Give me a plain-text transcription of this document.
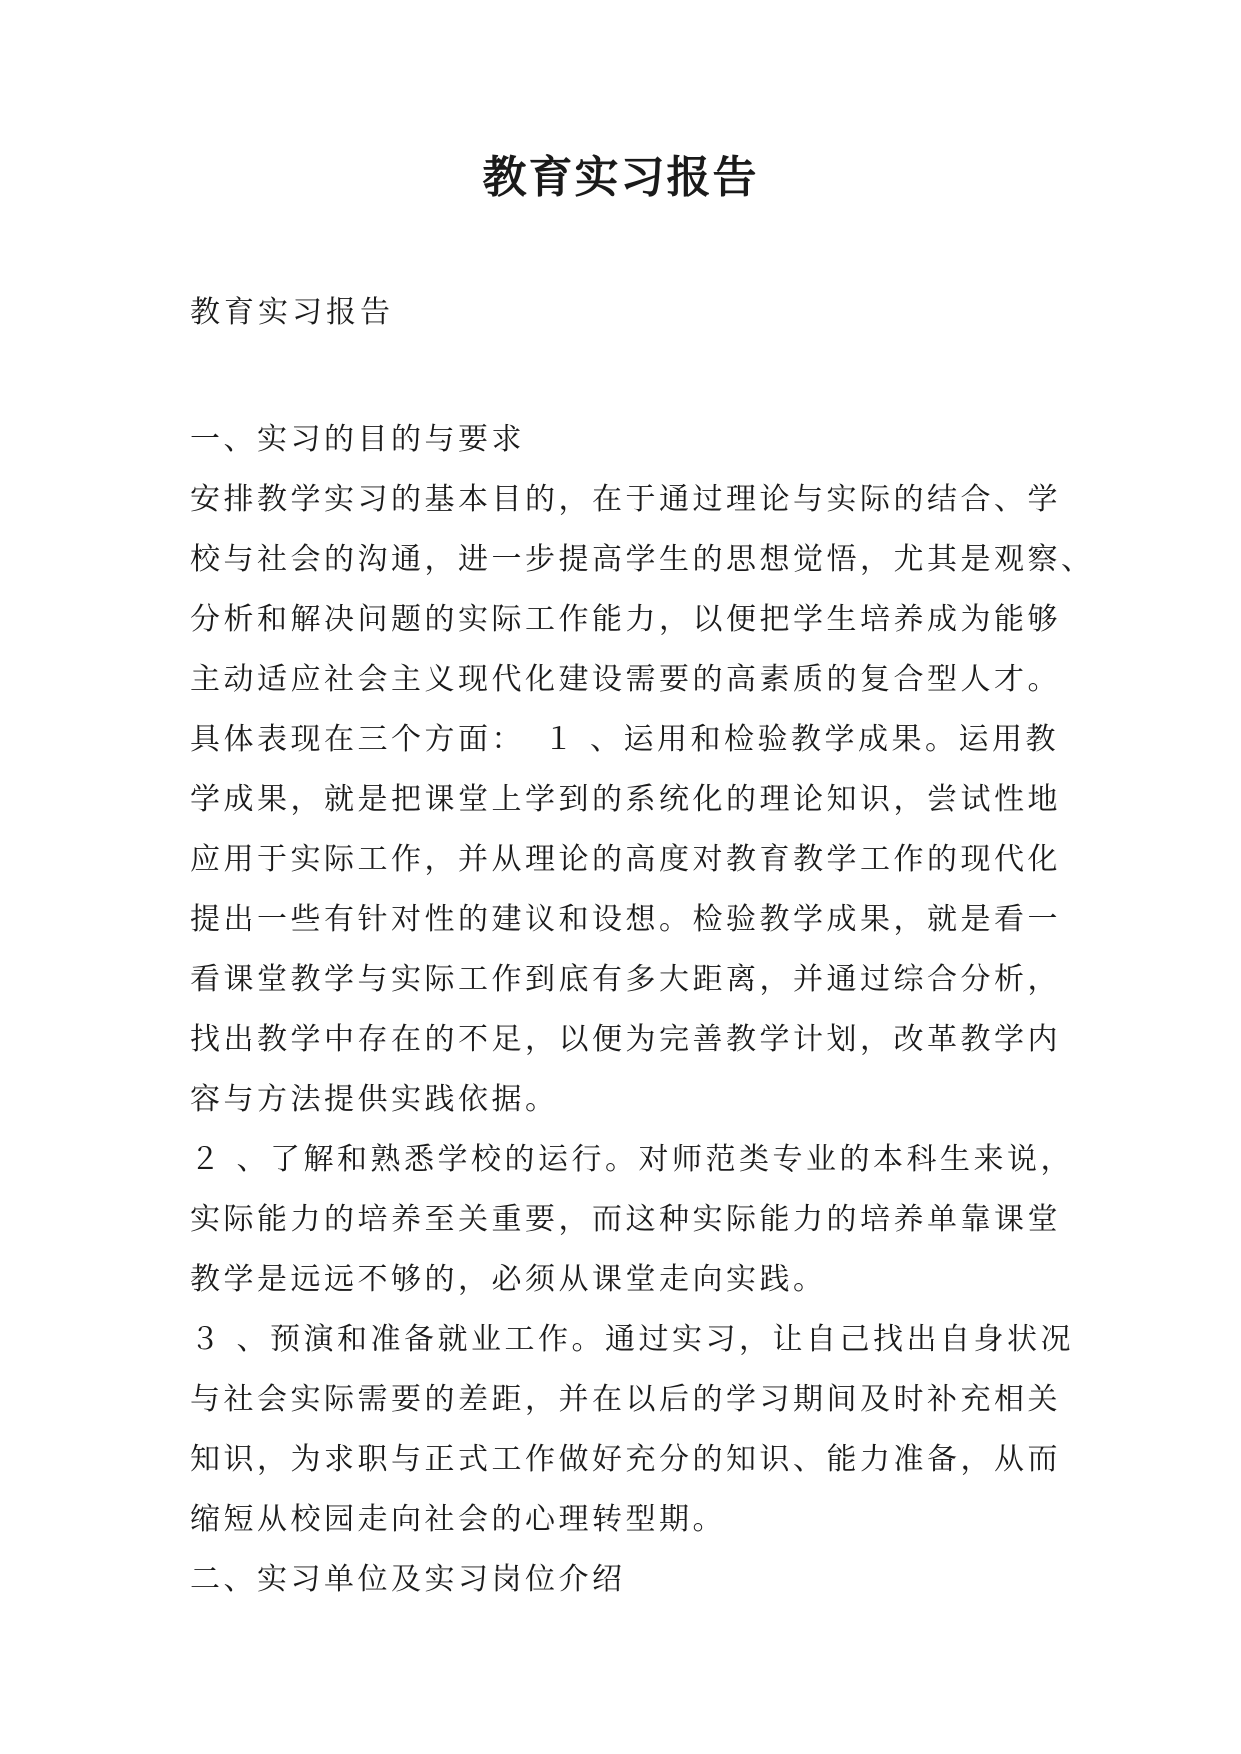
教育实习报告

教育实习报告

一、实习的目的与要求
安排教学实习的基本目的，在于通过理论与实际的结合、学
校与社会的沟通，进一步提高学生的思想觉悟，尤其是观察、
分析和解决问题的实际工作能力，以便把学生培养成为能够
主动适应社会主义现代化建设需要的高素质的复合型人才。
具体表现在三个方面：　１ 、运用和检验教学成果。运用教
学成果，就是把课堂上学到的系统化的理论知识，尝试性地
应用于实际工作，并从理论的高度对教育教学工作的现代化
提出一些有针对性的建议和设想。检验教学成果，就是看一
看课堂教学与实际工作到底有多大距离，并通过综合分析，
找出教学中存在的不足，以便为完善教学计划，改革教学内
容与方法提供实践依据。
２ 、了解和熟悉学校的运行。对师范类专业的本科生来说，
实际能力的培养至关重要，而这种实际能力的培养单靠课堂
教学是远远不够的，必须从课堂走向实践。
３ 、预演和准备就业工作。通过实习，让自己找出自身状况
与社会实际需要的差距，并在以后的学习期间及时补充相关
知识，为求职与正式工作做好充分的知识、能力准备，从而
缩短从校园走向社会的心理转型期。
二、实习单位及实习岗位介绍
